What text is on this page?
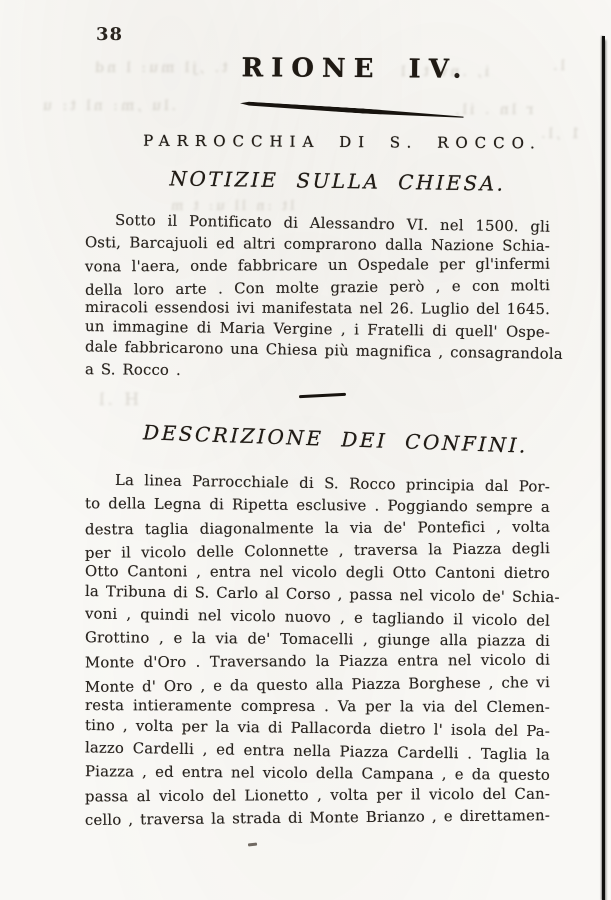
38
RIONE IV.
PARROCCHIA DI S. ROCCO.
NOTIZIE SULLA CHIESA.
Sotto il Pontificato di Alessandro VI. nel 1500. gli
Osti, Barcajuoli ed altri comprarono dalla Nazione Schia-
vona l'aera, onde fabbricare un Ospedale per gl'infermi
della loro arte . Con molte grazie però , e con molti
miracoli essendosi ivi manifestata nel 26. Luglio del 1645.
un immagine di Maria Vergine , i Fratelli di quell' Ospe-
dale fabbricarono una Chiesa più magnifica , consagrandola
a S. Rocco .
DESCRIZIONE DEI CONFINI.
La linea Parrocchiale di S. Rocco principia dal Por-
to della Legna di Ripetta esclusive . Poggiando sempre a
destra taglia diagonalmente la via de' Pontefici , volta
per il vicolo delle Colonnette , traversa la Piazza degli
Otto Cantoni , entra nel vicolo degli Otto Cantoni dietro
la Tribuna di S. Carlo al Corso , passa nel vicolo de' Schia-
voni , quindi nel vicolo nuovo , e tagliando il vicolo del
Grottino , e la via de' Tomacelli , giunge alla piazza di
Monte d'Oro . Traversando la Piazza entra nel vicolo di
Monte d' Oro , e da questo alla Piazza Borghese , che vi
resta intieramente compresa . Va per la via del Clemen-
tino , volta per la via di Pallacorda dietro l' isola del Pa-
lazzo Cardelli , ed entra nella Piazza Cardelli . Taglia la
Piazza , ed entra nel vicolo della Campana , e da questo
passa al vicolo del Lionetto , volta per il vicolo del Can-
cello , traversa la strada di Monte Brianzo , e direttamen-
t. ,jl mu: l nd
i, .nv t ,l
.lu ,m: nl t: u
r ln . il,
1 ,l.
lt :n ll u: t m
H .l
l.
